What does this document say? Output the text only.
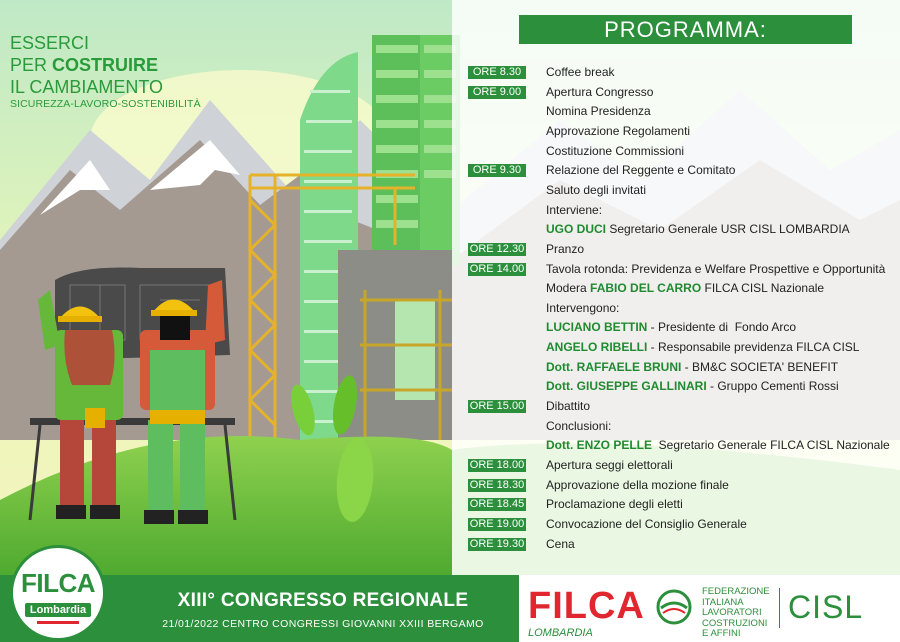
ESSERCI
PER COSTRUIRE
IL CAMBIAMENTO
SICUREZZA-LAVORO-SOSTENIBILITÀ
PROGRAMMA:
ORE 8.30	Coffee break
ORE 9.00	Apertura Congresso
Nomina Presidenza
Approvazione Regolamenti
Costituzione Commissioni
ORE 9.30	Relazione del Reggente e Comitato
Saluto degli invitati
Interviene:
UGO DUCI Segretario Generale USR CISL LOMBARDIA
ORE 12.30 Pranzo
ORE 14.00 Tavola rotonda: Previdenza e Welfare Prospettive e Opportunità
Modera FABIO DEL CARRO FILCA CISL Nazionale
Intervengono:
LUCIANO BETTIN - Presidente di  Fondo Arco
ANGELO RIBELLI - Responsabile previdenza FILCA CISL
Dott. RAFFAELE BRUNI - BM&C SOCIETA' BENEFIT
Dott. GIUSEPPE GALLINARI - Gruppo Cementi Rossi
ORE 15.00 Dibattito
Conclusioni:
Dott. ENZO PELLE  Segretario Generale FILCA CISL Nazionale
ORE 18.00 Apertura seggi elettorali
ORE 18.30 Approvazione della mozione finale
ORE 18.45 Proclamazione degli eletti
ORE 19.00 Convocazione del Consiglio Generale
ORE 19.30 Cena
FILCA
Lombardia	XIII° CONGRESSO REGIONALE
21/01/2022 CENTRO CONGRESSI GIOVANNI XXIII BERGAMO	FILCA
LOMBARDIA
FEDERAZIONE
ITALIANA
LAVORATORI
COSTRUZIONI
E AFFINI
CISL
